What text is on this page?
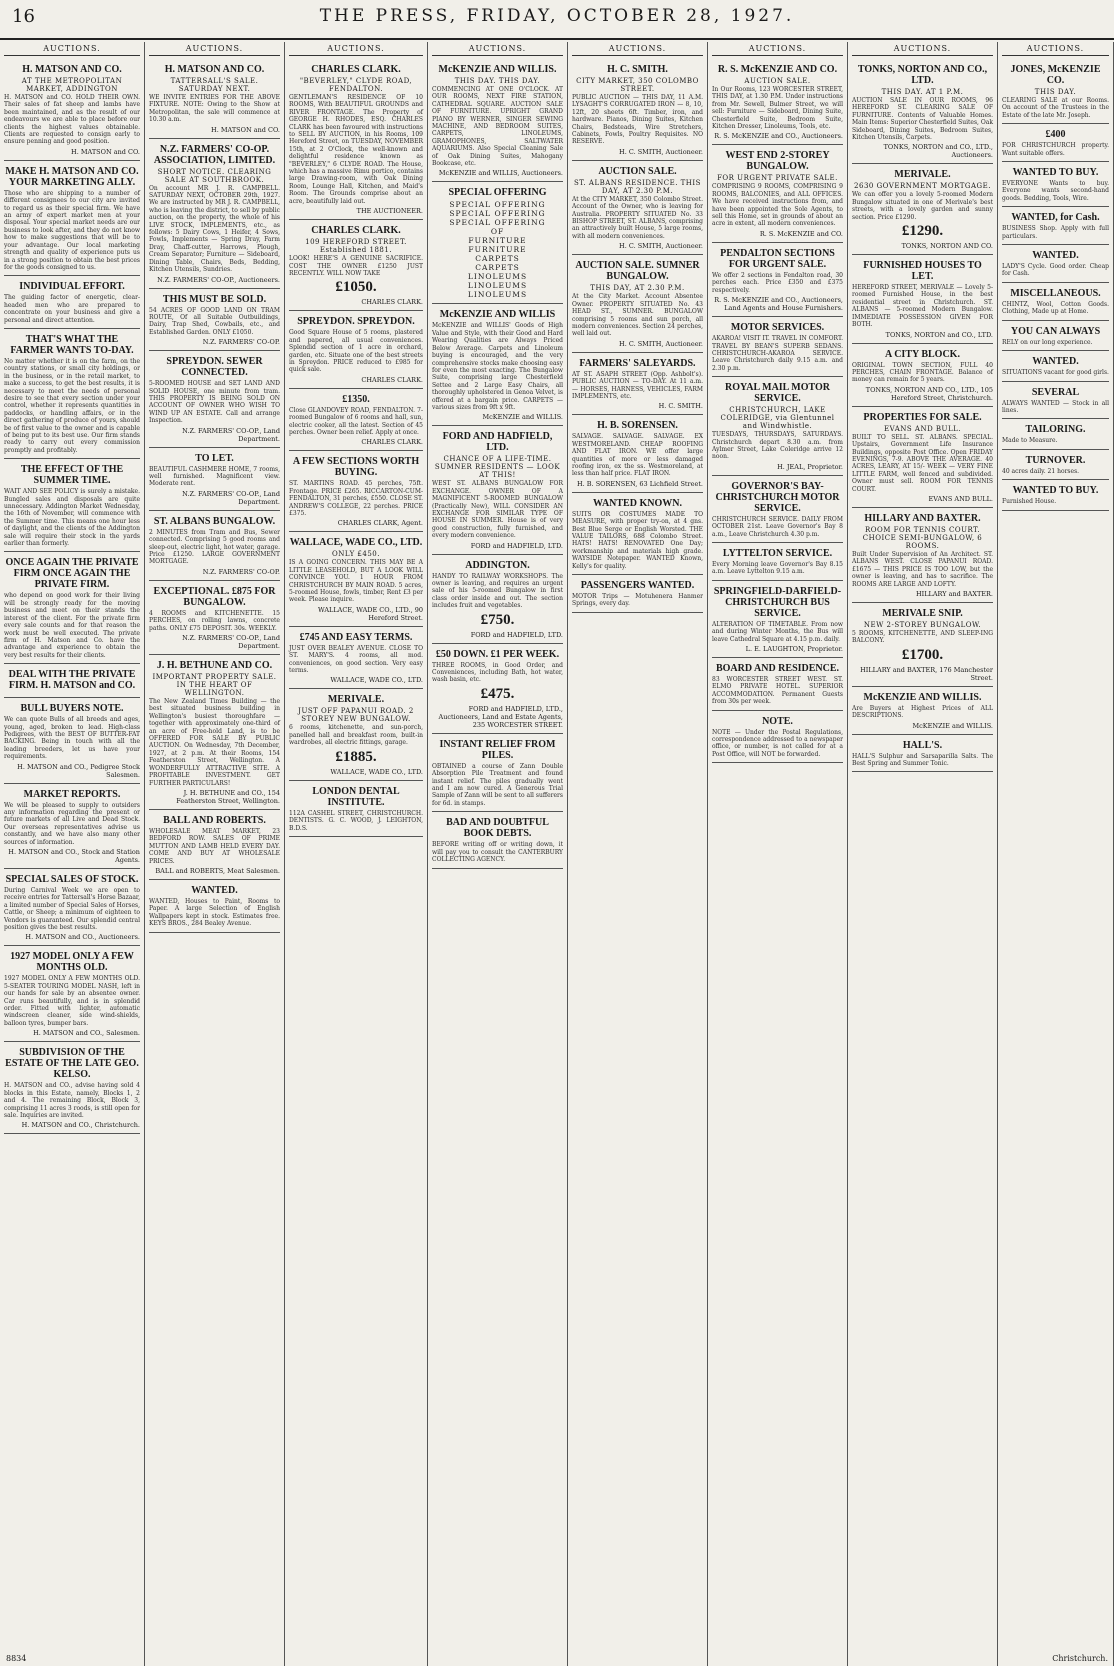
16	THE PRESS, FRIDAY, OCTOBER 28, 1927.
AUCTIONS.
H. MATSON AND CO.
AT THE METROPOLITAN MARKET, ADDINGTON
H. MATSON and CO. HOLD THEIR OWN. Their sales of fat sheep and lambs have been maintained, and as the result of our endeavours we are able to place before our clients the highest values obtainable. Clients are requested to consign early to ensure penning and good position.
H. MATSON and CO.
MAKE H. MATSON AND CO. YOUR MARKETING ALLY.
Those who are shipping to a number of different consignees to our city are invited to regard us as their special firm. We have an army of expert market men at your disposal. Your special market needs are our business to look after, and they do not know how to make suggestions that will be to your advantage. Our local marketing strength and quality of experience puts us in a strong position to obtain the best prices for the goods consigned to us.
INDIVIDUAL EFFORT.
The guiding factor of energetic, clear-headed men who are prepared to concentrate on your business and give a personal and direct attention.
THAT'S WHAT THE FARMER WANTS TO-DAY.
No matter whether it is on the farm, on the country stations, or small city holdings, or in the business, or in the retail market, to make a success, to get the best results, it is necessary to meet the needs of personal desire to see that every section under your control, whether it represents quantities in paddocks, or handling affairs, or in the direct gathering of produce of yours, should be of first value to the owner and is capable of being put to its best use. Our firm stands ready to carry out every commission promptly and profitably.
THE EFFECT OF THE SUMMER TIME.
WAIT AND SEE POLICY is surely a mistake. Bungled sales and disposals are quite unnecessary. Addington Market Wednesday, the 16th of November, will commence with the Summer time. This means one hour less of daylight, and the clients of the Addington sale will require their stock in the yards earlier than formerly.
ONCE AGAIN THE PRIVATE FIRM ONCE AGAIN THE PRIVATE FIRM.
who depend on good work for their living will be strongly ready for the moving business and meet on their stands the interest of the client. For the private firm every sale counts and for that reason the work must be well executed. The private firm of H. Matson and Co. have the advantage and experience to obtain the very best results for their clients.
DEAL WITH THE PRIVATE FIRM. H. MATSON and CO.
BULL BUYERS NOTE.
We can quote Bulls of all breeds and ages, young, aged, broken to lead. High-class Pedigrees, with the BEST OF BUTTER-FAT BACKING. Being in touch with all the leading breeders, let us have your requirements.
H. MATSON and CO., Pedigree Stock Salesmen.
MARKET REPORTS.
We will be pleased to supply to outsiders any information regarding the present or future markets of all Live and Dead Stock. Our overseas representatives advise us constantly, and we have also many other sources of information.
H. MATSON and CO., Stock and Station Agents.
SPECIAL SALES OF STOCK.
During Carnival Week we are open to receive entries for Tattersall's Horse Bazaar, a limited number of Special Sales of Horses, Cattle, or Sheep; a minimum of eighteen to Vendors is guaranteed. Our splendid central position gives the best results.
H. MATSON and CO., Auctioneers.
1927 MODEL ONLY A FEW MONTHS OLD.
1927 MODEL ONLY A FEW MONTHS OLD. 5-SEATER TOURING MODEL NASH, left in our hands for sale by an absentee owner. Car runs beautifully, and is in splendid order. Fitted with lighter, automatic windscreen cleaner, side wind-shields, balloon tyres, bumper bars.
H. MATSON and CO., Salesmen.
SUBDIVISION OF THE ESTATE OF THE LATE GEO. KELSO.
H. MATSON and CO., advise having sold 4 blocks in this Estate, namely, Blocks 1, 2 and 4. The remaining Block, Block 3, comprising 11 acres 3 roods, is still open for sale. Inquiries are invited.
H. MATSON and CO., Christchurch.
AUCTIONS.
H. MATSON AND CO.
TATTERSALL'S SALE. SATURDAY NEXT.
WE INVITE ENTRIES FOR THE ABOVE FIXTURE. NOTE: Owing to the Show at Metropolitan, the sale will commence at 10.30 a.m.
H. MATSON and CO.
N.Z. FARMERS' CO-OP. ASSOCIATION, LIMITED.
SHORT NOTICE. CLEARING SALE AT SOUTHBROOK.
On account MR J. R. CAMPBELL. SATURDAY NEXT, OCTOBER 29th, 1927. We are instructed by MR J. R. CAMPBELL, who is leaving the district, to sell by public auction, on the property, the whole of his LIVE STOCK, IMPLEMENTS, etc., as follows: 5 Dairy Cows, 1 Heifer, 4 Sows, Fowls, Implements — Spring Dray, Farm Dray, Chaff-cutter, Harrows, Plough, Cream Separator; Furniture — Sideboard, Dining Table, Chairs, Beds, Bedding, Kitchen Utensils, Sundries.
N.Z. FARMERS' CO-OP., Auctioneers.
THIS MUST BE SOLD.
54 ACRES OF GOOD LAND ON TRAM ROUTE, Of all Suitable Outbuildings, Dairy, Trap Shed, Cowbails, etc., and Established Garden. ONLY £1050.
N.Z. FARMERS' CO-OP.
SPREYDON. SEWER CONNECTED.
5-ROOMED HOUSE and SET LAND AND SOLID HOUSE, one minute from tram. THIS PROPERTY IS BEING SOLD ON ACCOUNT OF OWNER WHO WISH TO WIND UP AN ESTATE. Call and arrange Inspection.
N.Z. FARMERS' CO-OP., Land Department.
TO LET.
BEAUTIFUL CASHMERE HOME, 7 rooms, well furnished. Magnificent view. Moderate rent.
N.Z. FARMERS' CO-OP., Land Department.
ST. ALBANS BUNGALOW.
2 MINUTES from Tram and Bus, Sewer connected. Comprising 5 good rooms and sleep-out, electric light, hot water, garage. Price £1250. LARGE GOVERNMENT MORTGAGE.
N.Z. FARMERS' CO-OP.
EXCEPTIONAL. £875 FOR BUNGALOW.
4 ROOMS and KITCHENETTE. 15 PERCHES, on rolling lawns, concrete paths. ONLY £75 DEPOSIT. 30s. WEEKLY.
N.Z. FARMERS' CO-OP., Land Department.
J. H. BETHUNE AND CO.
IMPORTANT PROPERTY SALE. IN THE HEART OF WELLINGTON.
The New Zealand Times Building — the best situated business building in Wellington's busiest thoroughfare — together with approximately one-third of an acre of Free-hold Land, is to be OFFERED FOR SALE BY PUBLIC AUCTION. On Wednesday, 7th December, 1927, at 2 p.m. At their Rooms, 154 Featherston Street, Wellington. A WONDERFULLY ATTRACTIVE SITE. A PROFITABLE INVESTMENT. GET FURTHER PARTICULARS!
J. H. BETHUNE and CO., 154 Featherston Street, Wellington.
BALL AND ROBERTS.
WHOLESALE MEAT MARKET, 23 BEDFORD ROW. SALES OF PRIME MUTTON AND LAMB HELD EVERY DAY. COME AND BUY AT WHOLESALE PRICES.
BALL and ROBERTS, Meat Salesmen.
WANTED.
WANTED, Houses to Paint, Rooms to Paper. A large Selection of English Wallpapers kept in stock. Estimates free. KEYS BROS., 284 Bealey Avenue.
AUCTIONS.
CHARLES CLARK.
"BEVERLEY," CLYDE ROAD, FENDALTON.
GENTLEMAN'S RESIDENCE OF 10 ROOMS, With BEAUTIFUL GROUNDS and RIVER FRONTAGE. The Property of GEORGE H. RHODES, ESQ. CHARLES CLARK has been favoured with instructions to SELL BY AUCTION, in his Rooms, 109 Hereford Street, on TUESDAY, NOVEMBER 15th, at 2 O'Clock, the well-known and delightful residence known as "BEVERLEY," 6 CLYDE ROAD. The House, which has a massive Rimu portico, contains large Drawing-room, with Oak Dining Room, Lounge Hall, Kitchen, and Maid's Room. The Grounds comprise about an acre, beautifully laid out.
THE AUCTIONEER.
CHARLES CLARK.
109 HEREFORD STREET. Established 1881.
LOOK! HERE'S A GENUINE SACRIFICE. COST THE OWNER £1250 JUST RECENTLY. WILL NOW TAKE
£1050.
CHARLES CLARK.
SPREYDON. SPREYDON.
Good Square House of 5 rooms, plastered and papered, all usual conveniences. Splendid section of 1 acre in orchard, garden, etc. Situate one of the best streets in Spreydon. PRICE reduced to £985 for quick sale.
CHARLES CLARK.
£1350.
Close GLANDOVEY ROAD, FENDALTON. 7-roomed Bungalow of 6 rooms and hall, sun, electric cooker, all the latest. Section of 45 perches. Owner been relief. Apply at once.
CHARLES CLARK.
A FEW SECTIONS WORTH BUYING.
ST. MARTINS ROAD. 45 perches, 75ft. Frontage. PRICE £265. RICCARTON-CUM-FENDALTON, 31 perches, £550. CLOSE ST. ANDREW'S COLLEGE, 22 perches. PRICE £375.
CHARLES CLARK, Agent.
WALLACE, WADE CO., LTD.
ONLY £450.
IS A GOING CONCERN. THIS MAY BE A LITTLE LEASEHOLD, BUT A LOOK WILL CONVINCE YOU. 1 HOUR FROM CHRISTCHURCH BY MAIN ROAD. 5 acres, 5-roomed House, fowls, timber, Rent £3 per week. Please inquire.
WALLACE, WADE CO., LTD., 90 Hereford Street.
£745 AND EASY TERMS.
JUST OVER BEALEY AVENUE. CLOSE TO ST. MARY'S. 4 rooms, all mod. conveniences, on good section. Very easy terms.
WALLACE, WADE CO., LTD.
MERIVALE.
JUST OFF PAPANUI ROAD. 2 STOREY NEW BUNGALOW.
6 rooms, kitchenette, and sun-porch, panelled hall and breakfast room, built-in wardrobes, all electric fittings, garage.
£1885.
WALLACE, WADE CO., LTD.
LONDON DENTAL INSTITUTE.
112A CASHEL STREET, CHRISTCHURCH. DENTISTS. G. C. WOOD, J. LEIGHTON, B.D.S.
AUCTIONS.
McKENZIE AND WILLIS.
THIS DAY. THIS DAY.
COMMENCING AT ONE O'CLOCK. AT OUR ROOMS, NEXT FIRE STATION, CATHEDRAL SQUARE. AUCTION SALE OF FURNITURE. UPRIGHT GRAND PIANO BY WERNER, SINGER SEWING MACHINE, AND BEDROOM SUITES, CARPETS, LINOLEUMS, GRAMOPHONES, SALTWATER AQUARIUMS. Also Special Cleaning Sale of Oak Dining Suites, Mahogany Bookcase, etc.
McKENZIE and WILLIS, Auctioneers.
SPECIAL OFFERING
SPECIAL OFFERING
SPECIAL OFFERING
SPECIAL OFFERING
OF
FURNITURE
FURNITURE
CARPETS
CARPETS
LINOLEUMS
LINOLEUMS
LINOLEUMS
McKENZIE AND WILLIS
McKENZIE and WILLIS' Goods of High Value and Style, with their Good and Hard Wearing Qualities are Always Priced Below Average. Carpets and Linoleum buying is encouraged, and the very comprehensive stocks make choosing easy for even the most exacting. The Bungalow Suite, comprising large Chesterfield Settee and 2 Large Easy Chairs, all thoroughly upholstered in Genoa Velvet, is offered at a bargain price. CARPETS — various sizes from 9ft x 9ft.
McKENZIE and WILLIS.
FORD AND HADFIELD, LTD.
CHANCE OF A LIFE-TIME. SUMNER RESIDENTS — LOOK AT THIS!
WEST ST. ALBANS BUNGALOW FOR EXCHANGE. OWNER OF A MAGNIFICENT 5-ROOMED BUNGALOW (Practically New), WILL CONSIDER AN EXCHANGE FOR SIMILAR TYPE OF HOUSE IN SUMMER. House is of very good construction, fully furnished, and every modern convenience.
FORD and HADFIELD, LTD.
ADDINGTON.
HANDY TO RAILWAY WORKSHOPS. The owner is leaving, and requires an urgent sale of his 5-roomed Bungalow in first class order inside and out. The section includes fruit and vegetables.
£750.
FORD and HADFIELD, LTD.
£50 DOWN. £1 PER WEEK.
THREE ROOMS, in Good Order, and Conveniences, including Bath, hot water, wash basin, etc.
£475.
FORD and HADFIELD, LTD., Auctioneers, Land and Estate Agents, 235 WORCESTER STREET.
INSTANT RELIEF FROM PILES.
OBTAINED a course of Zann Double Absorption Pile Treatment and found instant relief. The piles gradually went and I am now cured. A Generous Trial Sample of Zann will be sent to all sufferers for 6d. in stamps.
BAD AND DOUBTFUL BOOK DEBTS.
BEFORE writing off or writing down, it will pay you to consult the CANTERBURY COLLECTING AGENCY.
AUCTIONS.
H. C. SMITH.
CITY MARKET, 350 COLOMBO STREET.
PUBLIC AUCTION — THIS DAY, 11 A.M. LYSAGHT'S CORRUGATED IRON — 8, 10, 12ft, 20 sheets 6ft. Timber, iron, and hardware. Pianos, Dining Suites, Kitchen Chairs, Bedsteads, Wire Stretchers, Cabinets, Fowls, Poultry Requisites. NO RESERVE.
H. C. SMITH, Auctioneer.
AUCTION SALE.
ST. ALBANS RESIDENCE. THIS DAY, AT 2.30 P.M.
At the CITY MARKET, 350 Colombo Street. Account of the Owner, who is leaving for Australia. PROPERTY SITUATED No. 33 BISHOP STREET, ST. ALBANS, comprising an attractively built House, 5 large rooms, with all modern conveniences.
H. C. SMITH, Auctioneer.
AUCTION SALE. SUMNER BUNGALOW.
THIS DAY, AT 2.30 P.M.
At the City Market. Account Absentee Owner. PROPERTY SITUATED No. 43 HEAD ST., SUMNER. BUNGALOW comprising 5 rooms and sun porch, all modern conveniences. Section 24 perches, well laid out.
H. C. SMITH, Auctioneer.
FARMERS' SALEYARDS.
AT ST. ASAPH STREET (Opp. Ashbolt's). PUBLIC AUCTION — TO-DAY. At 11 a.m. — HORSES, HARNESS, VEHICLES, FARM IMPLEMENTS, etc.
H. C. SMITH.
H. B. SORENSEN.
SALVAGE. SALVAGE. SALVAGE. EX WESTMORELAND. CHEAP ROOFING AND FLAT IRON. WE offer large quantities of more or less damaged roofing iron, ex the ss. Westmoreland, at less than half price. FLAT IRON.
H. B. SORENSEN, 63 Lichfield Street.
WANTED KNOWN.
SUITS OR COSTUMES MADE TO MEASURE, with proper try-on, at 4 gns. Best Blue Serge or English Worsted. THE VALUE TAILORS, 688 Colombo Street. HATS! HATS! RENOVATED One Day; workmanship and materials high grade. WAYSIDE Notepaper. WANTED Known, Kelly's for quality.
PASSENGERS WANTED.
MOTOR Trips — Motuhenera Hanmer Springs, every day.
AUCTIONS.
R. S. McKENZIE AND CO.
AUCTION SALE.
In Our Rooms, 123 WORCESTER STREET, THIS DAY, at 1.30 P.M. Under instructions from Mr. Sewell, Bulmer Street, we will sell: Furniture — Sideboard, Dining Suite, Chesterfield Suite, Bedroom Suite, Kitchen Dresser, Linoleums, Tools, etc.
R. S. McKENZIE and CO., Auctioneers.
WEST END 2-STOREY BUNGALOW.
FOR URGENT PRIVATE SALE.
COMPRISING 9 ROOMS, COMPRISING 9 ROOMS, BALCONIES, and ALL OFFICES. We have received instructions from, and have been appointed the Sole Agents, to sell this Home, set in grounds of about an acre in extent, all modern conveniences.
R. S. McKENZIE and CO.
PENDALTON SECTIONS FOR URGENT SALE.
We offer 2 sections in Fendalton road, 30 perches each. Price £350 and £375 respectively.
R. S. McKENZIE and CO., Auctioneers, Land Agents and House Furnishers.
MOTOR SERVICES.
AKAROA! VISIT IT. TRAVEL IN COMFORT. TRAVEL BY BEAN'S SUPERB SEDANS. CHRISTCHURCH-AKAROA SERVICE. Leave Christchurch daily 9.15 a.m. and 2.30 p.m.
ROYAL MAIL MOTOR SERVICE.
CHRISTCHURCH, LAKE COLERIDGE, via Glentunnel and Windwhistle.
TUESDAYS, THURSDAYS, SATURDAYS. Christchurch depart 8.30 a.m. from Aylmer Street, Lake Coleridge arrive 12 noon.
H. JEAL, Proprietor.
GOVERNOR'S BAY-CHRISTCHURCH MOTOR SERVICE.
CHRISTCHURCH SERVICE. DAILY FROM OCTOBER 21st. Leave Governor's Bay 8 a.m., Leave Christchurch 4.30 p.m.
LYTTELTON SERVICE.
Every Morning leave Governor's Bay 8.15 a.m. Leave Lyttelton 9.15 a.m.
SPRINGFIELD-DARFIELD-CHRISTCHURCH BUS SERVICE.
ALTERATION OF TIMETABLE. From now and during Winter Months, the Bus will leave Cathedral Square at 4.15 p.m. daily.
L. E. LAUGHTON, Proprietor.
BOARD AND RESIDENCE.
83 WORCESTER STREET WEST. ST. ELMO PRIVATE HOTEL. SUPERIOR ACCOMMODATION. Permanent Guests from 30s per week.
NOTE.
NOTE — Under the Postal Regulations, correspondence addressed to a newspaper office, or number, is not called for at a Post Office, will NOT be forwarded.
AUCTIONS.
TONKS, NORTON AND CO., LTD.
THIS DAY. AT 1 P.M.
AUCTION SALE IN OUR ROOMS, 96 HEREFORD ST. CLEARING SALE OF FURNITURE. Contents of Valuable Homes. Main Items: Superior Chesterfield Suites, Oak Sideboard, Dining Suites, Bedroom Suites, Kitchen Utensils, Carpets.
TONKS, NORTON and CO., LTD., Auctioneers.
MERIVALE.
2630 GOVERNMENT MORTGAGE.
We can offer you a lovely 5-roomed Modern Bungalow situated in one of Merivale's best streets, with a lovely garden and sunny section. Price £1290.
£1290.
TONKS, NORTON AND CO.
FURNISHED HOUSES TO LET.
HEREFORD STREET, MERIVALE — Lovely 5-roomed Furnished House, in the best residential street in Christchurch. ST. ALBANS — 5-roomed Modern Bungalow. IMMEDIATE POSSESSION GIVEN FOR BOTH.
TONKS, NORTON and CO., LTD.
A CITY BLOCK.
ORIGINAL TOWN SECTION, FULL 40 PERCHES, CHAIN FRONTAGE. Balance of money can remain for 5 years.
TONKS, NORTON AND CO., LTD., 105 Hereford Street, Christchurch.
PROPERTIES FOR SALE.
EVANS AND BULL.
BUILT TO SELL. ST. ALBANS. SPECIAL. Upstairs, Government Life Insurance Buildings, opposite Post Office. Open FRIDAY EVENINGS, 7-9. ABOVE THE AVERAGE. 40 ACRES, LEARY, AT 15/- WEEK — VERY FINE LITTLE FARM, well fenced and subdivided. Owner must sell. ROOM FOR TENNIS COURT.
EVANS AND BULL.
HILLARY AND BAXTER.
ROOM FOR TENNIS COURT. CHOICE SEMI-BUNGALOW, 6 ROOMS.
Built Under Supervision of An Architect. ST. ALBANS WEST. CLOSE PAPANUI ROAD. £1675 — THIS PRICE IS TOO LOW, but the owner is leaving, and has to sacrifice. The ROOMS ARE LARGE AND LOFTY.
HILLARY and BAXTER.
MERIVALE SNIP.
NEW 2-STOREY BUNGALOW.
5 ROOMS, KITCHENETTE, AND SLEEP-ING BALCONY.
£1700.
HILLARY and BAXTER, 176 Manchester Street.
McKENZIE AND WILLIS.
Are Buyers at Highest Prices of ALL DESCRIPTIONS.
McKENZIE and WILLIS.
HALL'S.
HALL'S Sulphur and Sarsaparilla Salts. The Best Spring and Summer Tonic.
AUCTIONS.
JONES, McKENZIE CO.
THIS DAY.
CLEARING SALE at our Rooms. On account of the Trustees in the Estate of the late Mr. Joseph.
£400
FOR CHRISTCHURCH property. Want suitable offers.
WANTED TO BUY.
EVERYONE Wants to buy. Everyone wants second-hand goods. Bedding, Tools, Wire.
WANTED, for Cash.
BUSINESS Shop. Apply with full particulars.
WANTED.
LADY'S Cycle. Good order. Cheap for Cash.
MISCELLANEOUS.
CHINTZ, Wool, Cotton Goods. Clothing, Made up at Home.
YOU CAN ALWAYS
RELY on our long experience.
WANTED.
SITUATIONS vacant for good girls.
SEVERAL
ALWAYS WANTED — Stock in all lines.
TAILORING.
Made to Measure.
TURNOVER.
40 acres daily. 21 horses.
WANTED TO BUY.
Furnished House.
8834	Christchurch.
